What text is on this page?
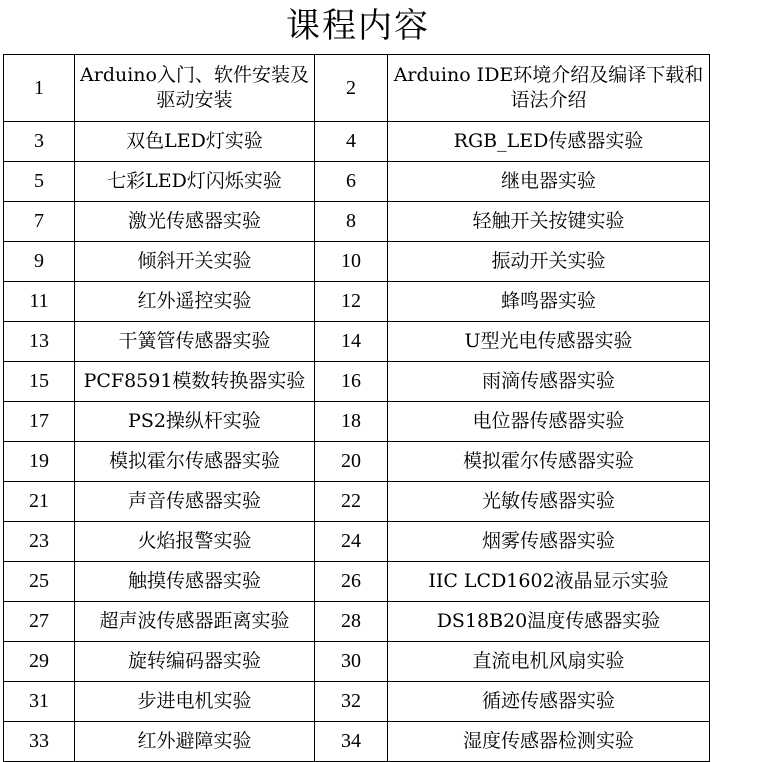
课程内容
1	Arduino入门、软件安装及驱动安装	2	Arduino IDE环境介绍及编译下载和语法介绍

3	双色LED灯实验	4	RGB_LED传感器实验

5	七彩LED灯闪烁实验	6	继电器实验

7	激光传感器实验	8	轻触开关按键实验

9	倾斜开关实验	10	振动开关实验

11	红外遥控实验	12	蜂鸣器实验

13	干簧管传感器实验	14	U型光电传感器实验

15	PCF8591模数转换器实验	16	雨滴传感器实验

17	PS2操纵杆实验	18	电位器传感器实验

19	模拟霍尔传感器实验	20	模拟霍尔传感器实验

21	声音传感器实验	22	光敏传感器实验

23	火焰报警实验	24	烟雾传感器实验

25	触摸传感器实验	26	IIC LCD1602液晶显示实验

27	超声波传感器距离实验	28	DS18B20温度传感器实验

29	旋转编码器实验	30	直流电机风扇实验

31	步进电机实验	32	循迹传感器实验

33	红外避障实验	34	湿度传感器检测实验
